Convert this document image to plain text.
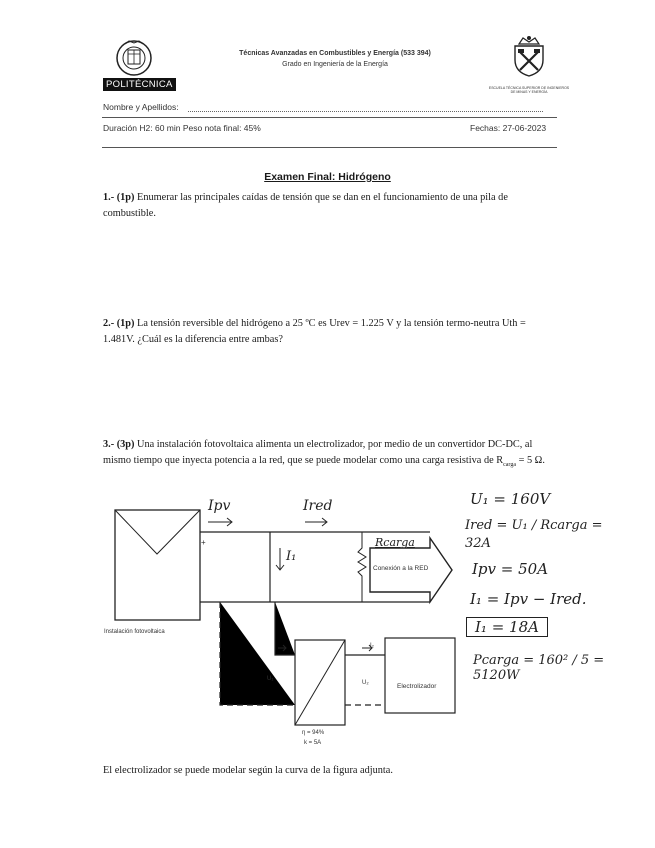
POLITÉCNICA
Técnicas Avanzadas en Combustibles y Energía (533 394)
Grado en Ingeniería de la Energía
ESCUELA TÉCNICA SUPERIOR DE INGENIEROS DE MINAS Y ENERGÍA
Nombre y Apellidos:
Duración H2: 60 min Peso nota final: 45%	Fechas: 27-06-2023
Examen Final: Hidrógeno
1.- (1p) Enumerar las principales caídas de tensión que se dan en el funcionamiento de una pila de combustible.
2.- (1p) La tensión reversible del hidrógeno a 25 ºC es Urev = 1.225 V y la tensión termo-neutra Uth = 1.481V. ¿Cuál es la diferencia entre ambas?
3.- (3p) Una instalación fotovoltaica alimenta un electrolizador, por medio de un convertidor DC-DC, al mismo tiempo que inyecta potencia a la red, que se puede modelar como una carga resistiva de $R_{carga} = 5$ Ω.
Instalación fotovoltaica
Conexión a la RED
Electrolizador
η = 94%
k = 5A
U₁
U₂
+
I₂
Ipv	Ired
I₁
Rcarga
U₁ = 160V
Ired = U₁ / Rcarga = 32A
Ipv = 50A
I₁ = Ipv − Ired.
I₁ = 18A
Pcarga = 160² / 5 = 5120W
El electrolizador se puede modelar según la curva de la figura adjunta.
